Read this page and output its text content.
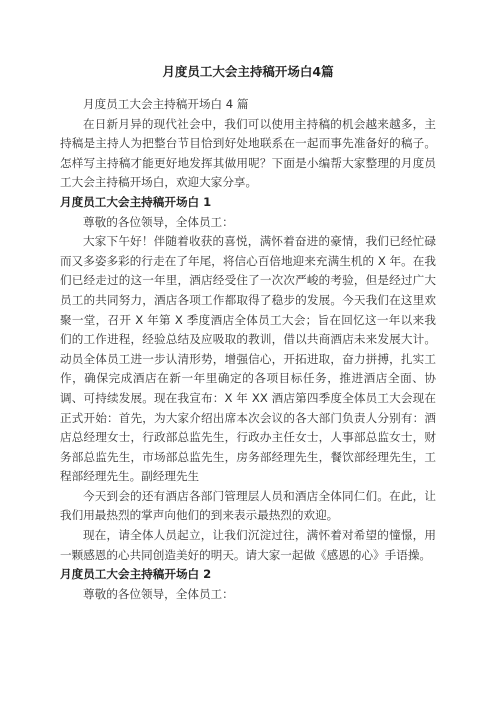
月度员工大会主持稿开场白4篇

月度员工大会主持稿开场白 4 篇

在日新月异的现代社会中，我们可以使用主持稿的机会越来越多，主持稿是主持人为把整台节目恰到好处地联系在一起而事先准备好的稿子。怎样写主持稿才能更好地发挥其做用呢？下面是小编帮大家整理的月度员工大会主持稿开场白，欢迎大家分享。

月度员工大会主持稿开场白 1

尊敬的各位领导，全体员工：

大家下午好！伴随着收获的喜悦，满怀着奋进的豪情，我们已经忙碌而又多姿多彩的行走在了年尾，将信心百倍地迎来充满生机的 X 年。在我们已经走过的这一年里，酒店经受住了一次次严峻的考验，但是经过广大员工的共同努力，酒店各项工作都取得了稳步的发展。今天我们在这里欢聚一堂，召开 X 年第 X 季度酒店全体员工大会；旨在回忆这一年以来我们的工作进程，经验总结及应吸取的教训，借以共商酒店未来发展大计。动员全体员工进一步认清形势，增强信心，开拓进取，奋力拼搏，扎实工作，确保完成酒店在新一年里确定的各项目标任务，推进酒店全面、协调、可持续发展。现在我宣布：X 年 XX 酒店第四季度全体员工大会现在正式开始：首先，为大家介绍出席本次会议的各大部门负责人分别有：酒店总经理女士，行政部总监先生，行政办主任女士，人事部总监女士，财务部总监先生，市场部总监先生，房务部经理先生，餐饮部经理先生，工程部经理先生。副经理先生

今天到会的还有酒店各部门管理层人员和酒店全体同仁们。在此，让我们用最热烈的掌声向他们的到来表示最热烈的欢迎。

现在，请全体人员起立，让我们沉淀过往，满怀着对希望的憧憬，用一颗感恩的心共同创造美好的明天。请大家一起做《感恩的心》手语操。

月度员工大会主持稿开场白 2

尊敬的各位领导，全体员工：
